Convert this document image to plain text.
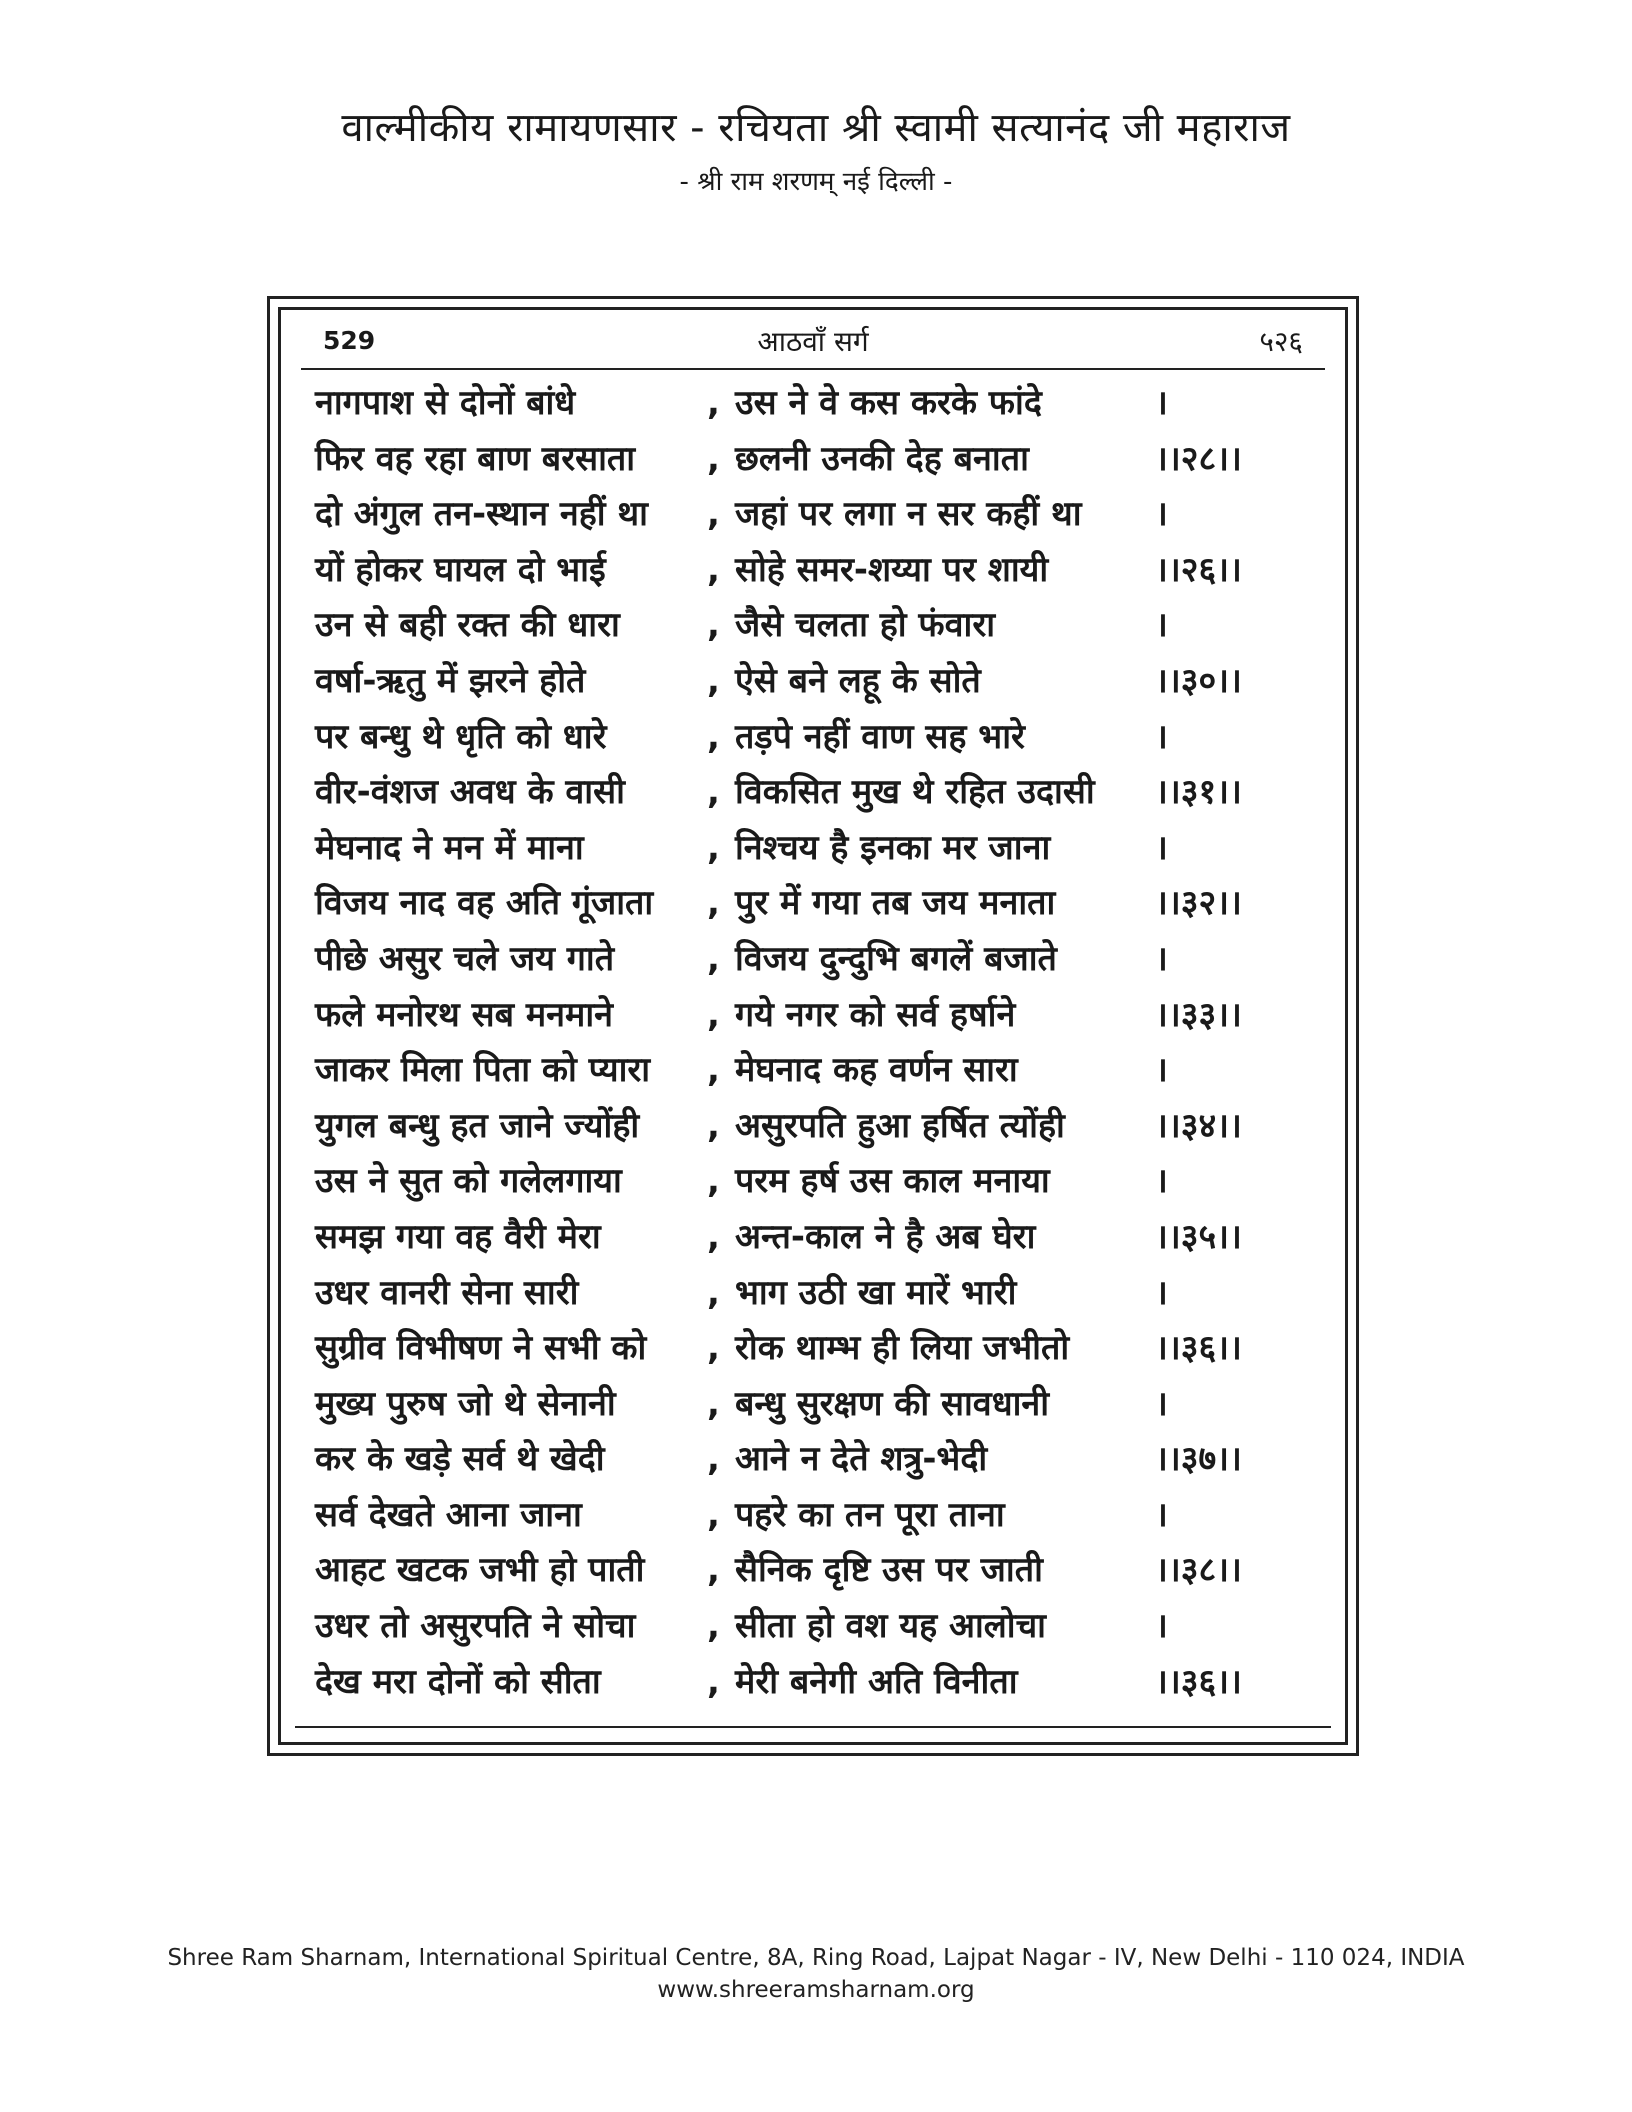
वाल्मीकीय रामायणसार - रचियता श्री स्वामी सत्यानंद जी महाराज
- श्री राम शरणम् नई दिल्ली -
529	आठवाँ सर्ग	५२६
नागपाश से दोनों बांधे	, उस ने वे कस करके फांदे	।
फिर वह रहा बाण बरसाता	, छलनी उनकी देह बनाता	।।२८।।
दो अंगुल तन-स्थान नहीं था	, जहां पर लगा न सर कहीं था	।
यों होकर घायल दो भाई	, सोहे समर-शय्या पर शायी	।।२६।।
उन से बही रक्त की धारा	, जैसे चलता हो फंवारा	।
वर्षा-ऋतु में झरने होते	, ऐसे बने लहू के सोते	।।३०।।
पर बन्धु थे धृति को धारे	, तड़पे नहीं वाण सह भारे	।
वीर-वंशज अवध के वासी	, विकसित मुख थे रहित उदासी	।।३१।।
मेघनाद ने मन में माना	, निश्चय है इनका मर जाना	।
विजय नाद वह अति गूंजाता	, पुर में गया तब जय मनाता	।।३२।।
पीछे असुर चले जय गाते	, विजय दुन्दुभि बगलें बजाते	।
फले मनोरथ सब मनमाने	, गये नगर को सर्व हर्षाने	।।३३।।
जाकर मिला पिता को प्यारा	, मेघनाद कह वर्णन सारा	।
युगल बन्धु हत जाने ज्योंही	, असुरपति हुआ हर्षित त्योंही	।।३४।।
उस ने सुत को गलेलगाया	, परम हर्ष उस काल मनाया	।
समझ गया वह वैरी मेरा	, अन्त-काल ने है अब घेरा	।।३५।।
उधर वानरी सेना सारी	, भाग उठी खा मारें भारी	।
सुग्रीव विभीषण ने सभी को	, रोक थाम्भ ही लिया जभीतो	।।३६।।
मुख्य पुरुष जो थे सेनानी	, बन्धु सुरक्षण की सावधानी	।
कर के खड़े सर्व थे खेदी	, आने न देते शत्रु-भेदी	।।३७।।
सर्व देखते आना जाना	, पहरे का तन पूरा ताना	।
आहट खटक जभी हो पाती	, सैनिक दृष्टि उस पर जाती	।।३८।।
उधर तो असुरपति ने सोचा	, सीता हो वश यह आलोचा	।
देख मरा दोनों को सीता	, मेरी बनेगी अति विनीता	।।३६।।
Shree Ram Sharnam, International Spiritual Centre, 8A, Ring Road, Lajpat Nagar - IV, New Delhi - 110 024, INDIA
www.shreeramsharnam.org
